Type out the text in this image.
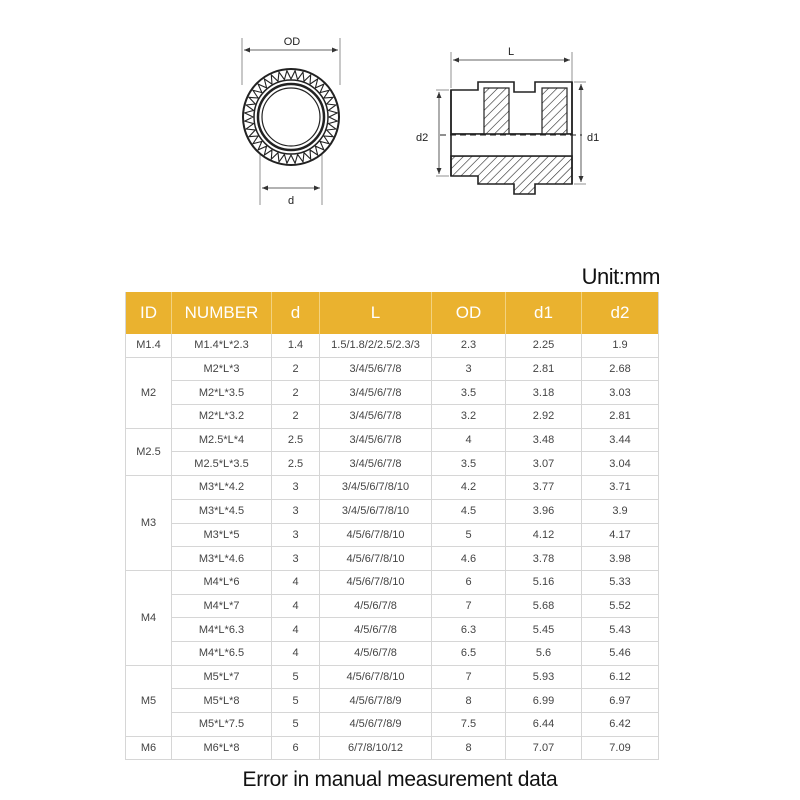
OD
d
L
d2	d1
Unit:mm
ID	NUMBER	d	L	OD	d1	d2
M1.4	M1.4*L*2.3	1.4	1.5/1.8/2/2.5/2.3/3	2.3	2.25	1.9
M2	M2*L*3	2	3/4/5/6/7/8	3	2.81	2.68
	M2*L*3.5	2	3/4/5/6/7/8	3.5	3.18	3.03
	M2*L*3.2	2	3/4/5/6/7/8	3.2	2.92	2.81
M2.5	M2.5*L*4	2.5	3/4/5/6/7/8	4	3.48	3.44
	M2.5*L*3.5	2.5	3/4/5/6/7/8	3.5	3.07	3.04
M3	M3*L*4.2	3	3/4/5/6/7/8/10	4.2	3.77	3.71
	M3*L*4.5	3	3/4/5/6/7/8/10	4.5	3.96	3.9
	M3*L*5	3	4/5/6/7/8/10	5	4.12	4.17
	M3*L*4.6	3	4/5/6/7/8/10	4.6	3.78	3.98
M4	M4*L*6	4	4/5/6/7/8/10	6	5.16	5.33
	M4*L*7	4	4/5/6/7/8	7	5.68	5.52
	M4*L*6.3	4	4/5/6/7/8	6.3	5.45	5.43
	M4*L*6.5	4	4/5/6/7/8	6.5	5.6	5.46
M5	M5*L*7	5	4/5/6/7/8/10	7	5.93	6.12
	M5*L*8	5	4/5/6/7/8/9	8	6.99	6.97
	M5*L*7.5	5	4/5/6/7/8/9	7.5	6.44	6.42
M6	M6*L*8	6	6/7/8/10/12	8	7.07	7.09
Error in manual measurement data
